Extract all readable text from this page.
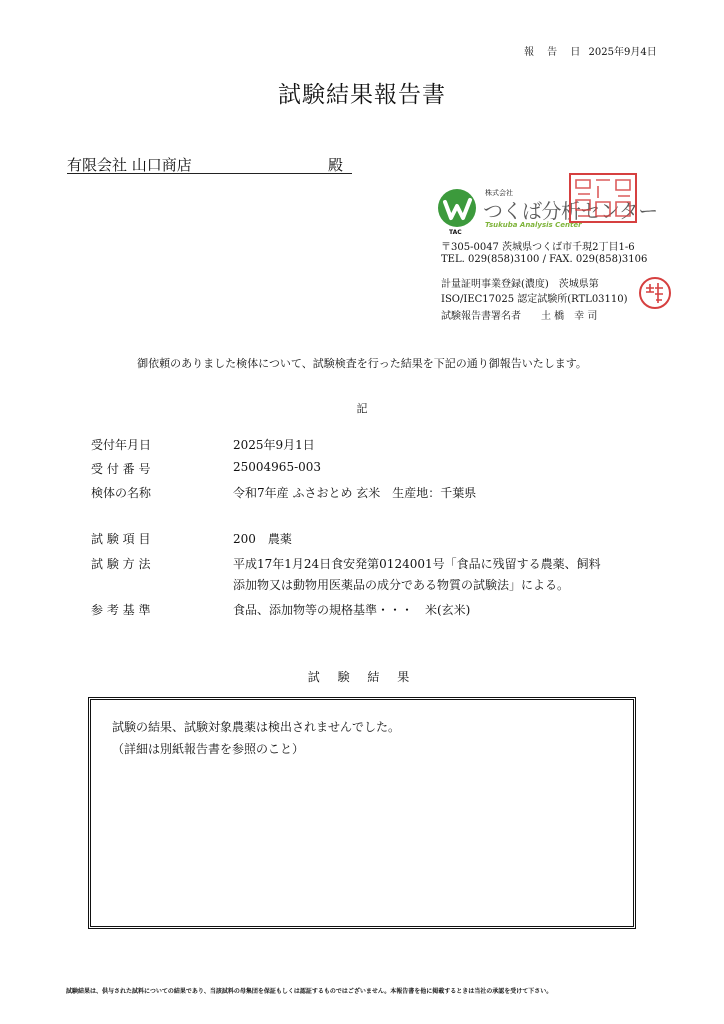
報 告 日 2025年9月4日
試験結果報告書
有限会社 山口商店	殿
株式会社
つくば分析センター
Tsukuba Analysis Center
TAC
〒305-0047 茨城県つくば市千現2丁目1-6
TEL. 029(858)3100 / FAX. 029(858)3106
計量証明事業登録(濃度)　茨城県第
ISO/IEC17025 認定試験所(RTL03110)
試験報告書署名者　　土 橋　幸 司
御依頼のありました検体について、試験検査を行った結果を下記の通り御報告いたします。
記
受付年月日	2025年9月1日
受 付 番 号	25004965-003
検体の名称	令和7年産 ふさおとめ 玄米　生産地：千葉県
試 験 項 目	200　農薬
試 験 方 法	平成17年1月24日食安発第0124001号「食品に残留する農薬、飼料
添加物又は動物用医薬品の成分である物質の試験法」による。
参 考 基 準	食品、添加物等の規格基準・・・　米(玄米)
試 験 結 果
試験の結果、試験対象農薬は検出されませんでした。
（詳細は別紙報告書を参照のこと）
試験結果は、供与された試料についての結果であり、当該試料の母集団を保証もしくは認証するものではございません。本報告書を他に掲載するときは当社の承認を受けて下さい。
